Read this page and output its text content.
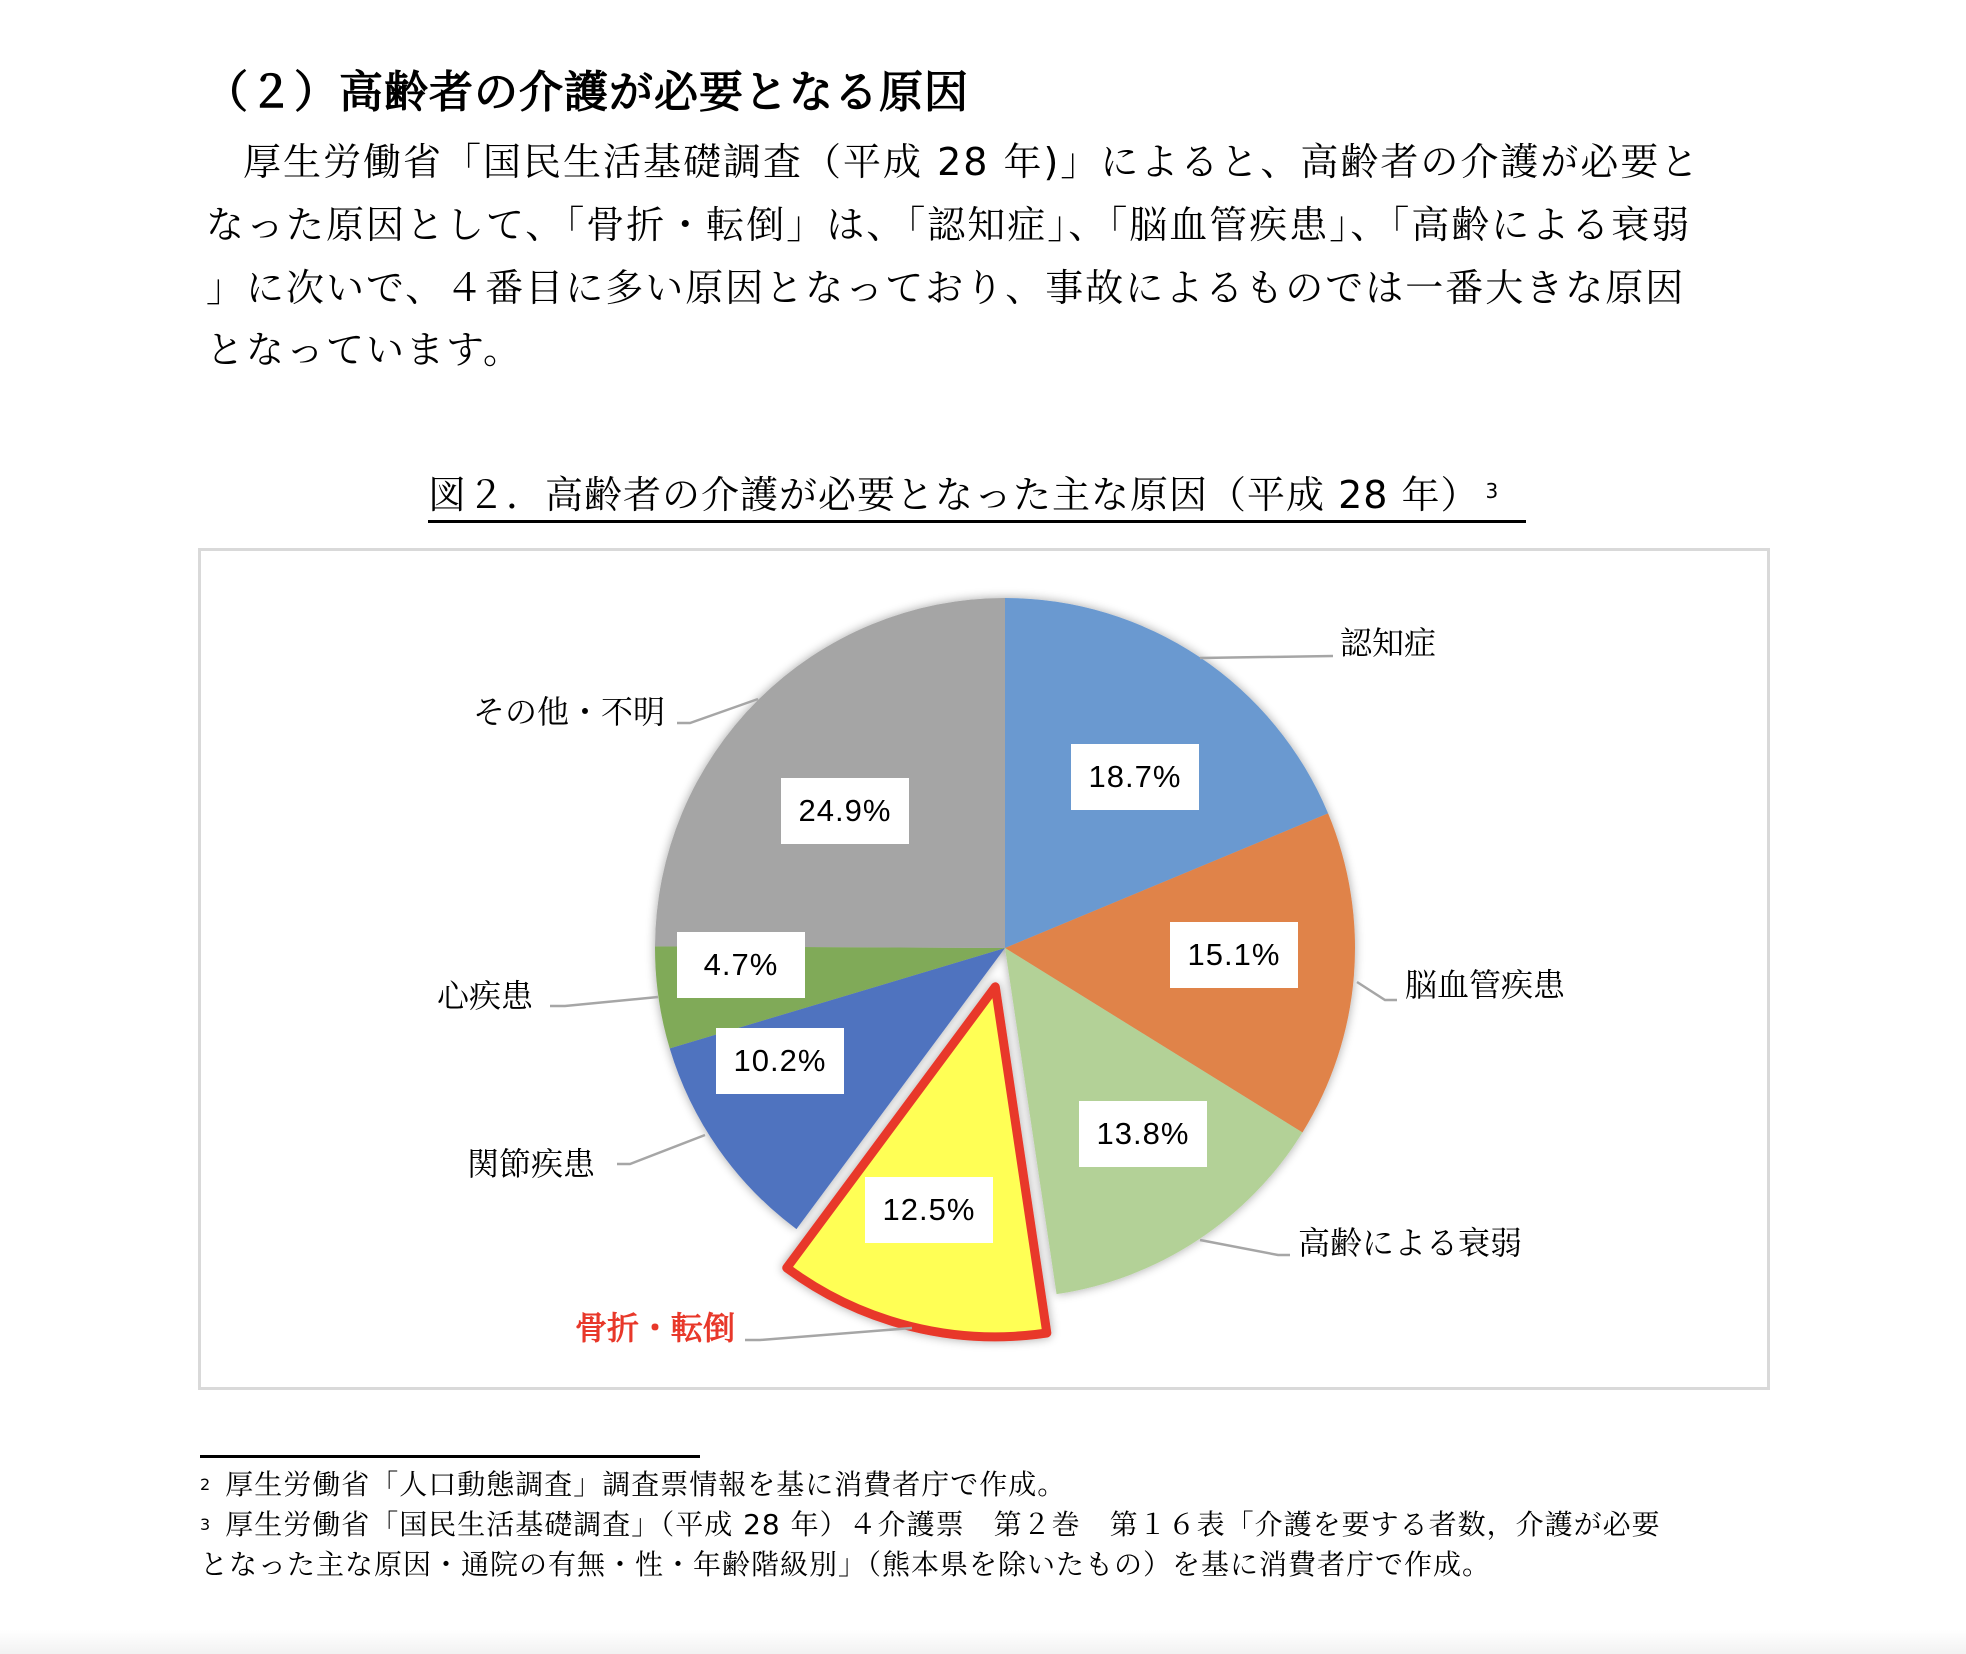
（２）高齢者の介護が必要となる原因
厚生労働省「国民生活基礎調査（平成 28 年)」によると、高齢者の介護が必要と
なった原因として、「骨折・転倒」は、「認知症」、「脳血管疾患」、「高齢による衰弱
」に次いで、４番目に多い原因となっており、事故によるものでは一番大きな原因
となっています。
図２．高齢者の介護が必要となった主な原因（平成 28 年） $^3$
認知症
脳血管疾患
高齢による衰弱
骨折・転倒
関節疾患
心疾患
その他・不明
18.7%
15.1%
13.8%
12.5%
10.2%
4.7%
24.9%
$^2$ 厚生労働省「人口動態調査」調査票情報を基に消費者庁で作成。
$^3$ 厚生労働省「国民生活基礎調査」（平成 28 年）４介護票　第２巻　第１６表「介護を要する者数，介護が必要
となった主な原因・通院の有無・性・年齢階級別」（熊本県を除いたもの）を基に消費者庁で作成。
